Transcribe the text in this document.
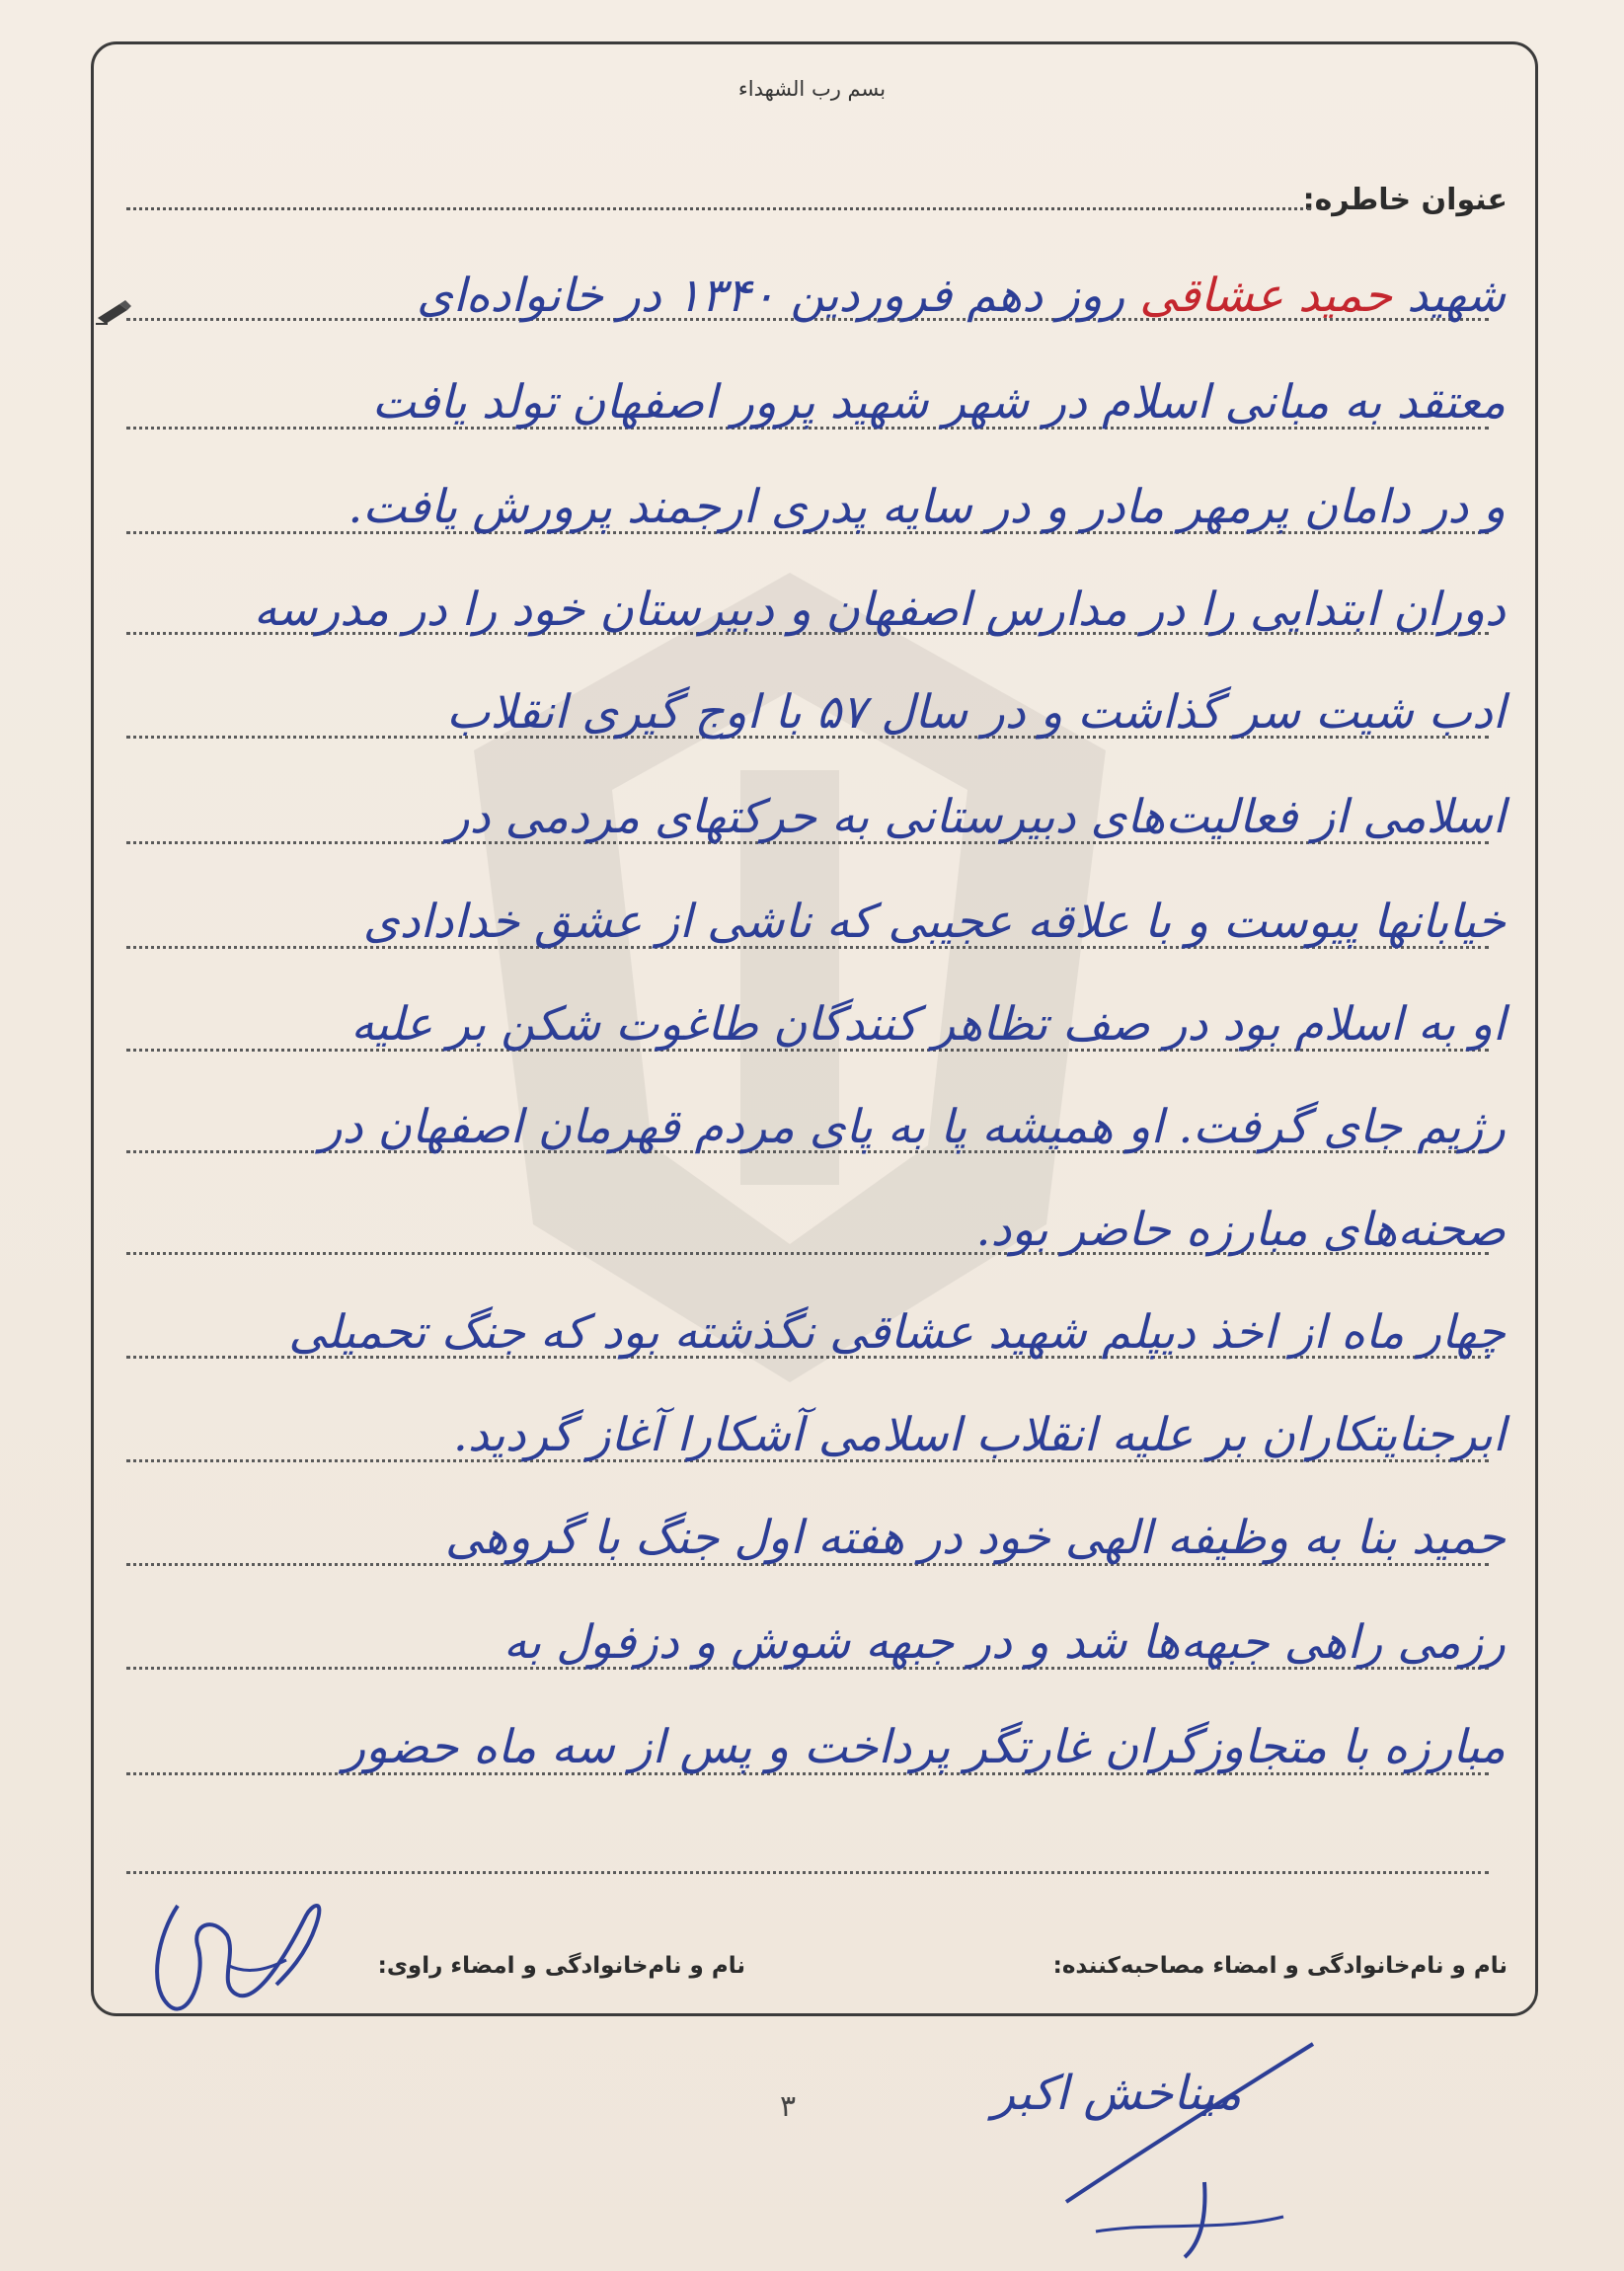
بسم رب الشهداء
عنوان خاطره:
شهید حمید عشاقی روز دهم فروردین ۱۳۴۰ در خانواده‌ای
معتقد به مبانی اسلام در شهر شهید پرور اصفهان تولد یافت
و در دامان پرمهر مادر و در سایه پدری ارجمند پرورش یافت.
دوران ابتدایی را در مدارس اصفهان و دبیرستان خود را در مدرسه
ادب شیت سر گذاشت و در سال ۵۷ با اوج گیری انقلاب
اسلامی از فعالیت‌های دبیرستانی به حرکتهای مردمی در
خیابانها پیوست و با علاقه عجیبی که ناشی از عشق خدادادی
او به اسلام بود در صف تظاهر کنندگان طاغوت شکن بر علیه
رژیم جای گرفت. او همیشه پا به پای مردم قهرمان اصفهان در
صحنه‌های مبارزه حاضر بود.
چهار ماه از اخذ دیپلم شهید عشاقی نگذشته بود که جنگ تحمیلی
ابرجنایتکاران بر علیه انقلاب اسلامی آشکارا آغاز گردید.
حمید بنا به وظیفه الهی خود در هفته اول جنگ با گروهی
رزمی راهی جبهه‌ها شد و در جبهه شوش و دزفول به
مبارزه با متجاوزگران غارتگر پرداخت و پس از سه ماه حضور
نام و نام‌خانوادگی و امضاء مصاحبه‌کننده:
نام و نام‌خانوادگی و امضاء راوی:
میناخش اکبر
۳
